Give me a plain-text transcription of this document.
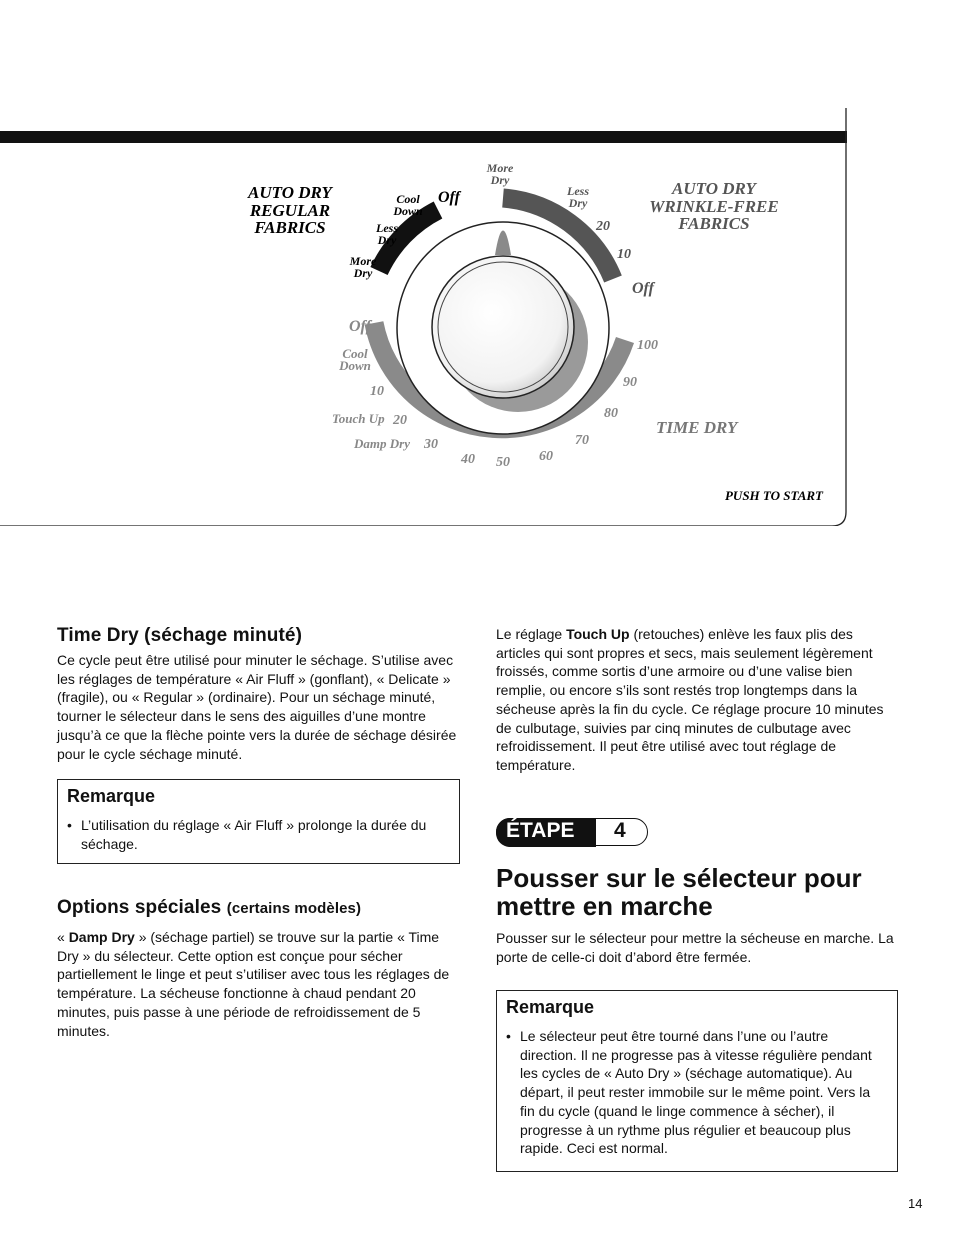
AUTO DRY
REGULAR
FABRICS
AUTO DRY
WRINKLE-FREE
FABRICS
TIME DRY
PUSH TO START
Cool
Down
Off
Less
Dry
More
Dry
More
Dry
Less
Dry
20
10
Off
100
90
80
70
60
50
40
30
Damp Dry
20
Touch Up
10
Cool
Down
Off
Time Dry (séchage minuté)

Ce cycle peut être utilisé pour minuter le séchage. S’utilise avec les réglages de température « Air Fluff » (gonflant), « Delicate » (fragile), ou « Regular » (ordinaire). Pour un séchage minuté, tourner le sélecteur dans le sens des aiguilles d’une montre jusqu’à ce que la flèche pointe vers la durée de séchage désirée pour le cycle séchage minuté.

Remarque
• L’utilisation du réglage « Air Fluff » prolonge la durée du séchage.
Options spéciales (certains modèles)

« Damp Dry » (séchage partiel) se trouve sur la partie « Time Dry » du sélecteur. Cette option est conçue pour sécher partiellement le linge et peut s’utiliser avec tous les réglages de température. La sécheuse fonctionne à chaud pendant 20 minutes, puis passe à une période de refroidissement de 5 minutes.

Le réglage Touch Up (retouches) enlève les faux plis des articles qui sont propres et secs, mais seulement légèrement froissés, comme sortis d’une armoire ou d’une valise bien remplie, ou encore s’ils sont restés trop longtemps dans la sécheuse après la fin du cycle. Ce réglage procure 10 minutes de culbutage, suivies par cinq minutes de culbutage avec refroidissement. Il peut être utilisé avec tout réglage de température.

ÉTAPE 4
Pousser sur le sélecteur pour mettre en marche

Pousser sur le sélecteur pour mettre la sécheuse en marche. La porte de celle-ci doit d’abord être fermée.

Remarque
• Le sélecteur peut être tourné dans l’une ou l’autre direction. Il ne progresse pas à vitesse régulière pendant les cycles de « Auto Dry » (séchage automatique). Au départ, il peut rester immobile sur le même point. Vers la fin du cycle (quand le linge commence à sécher), il progresse à un rythme plus régulier et beaucoup plus rapide. Ceci est normal.
14
